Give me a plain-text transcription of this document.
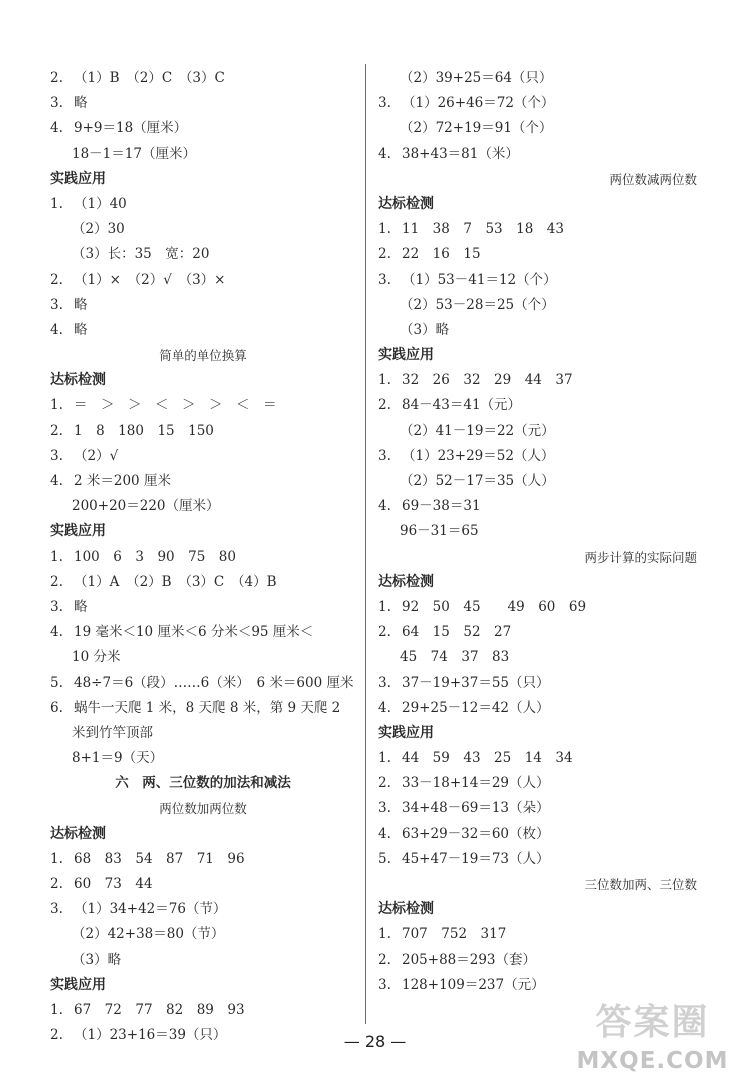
2. （1）B　（2）C　（3）C
3. 略
4. 9+9＝18（厘米）
18－1＝17（厘米）
实践应用
1. （1）40
（2）30
（3）长：35　宽：20
2. （1）×　（2）√　（3）×
3. 略
4. 略
简单的单位换算
达标检测
1. ＝　＞　＞　＜　＞　＞　＜　＝
2. 1　8　180　15　150
3. （2）√
4. 2 米＝200 厘米
200+20＝220（厘米）
实践应用
1. 100　6　3　90　75　80
2. （1）A　（2）B　（3）C　（4）B
3. 略
4. 19 毫米＜10 厘米＜6 分米＜95 厘米＜
10 分米
5. 48÷7＝6（段）……6（米）　6 米＝600 厘米
6. 蜗牛一天爬 1 米，8 天爬 8 米，第 9 天爬 2
米到竹竿顶部
8+1＝9（天）
六　两、三位数的加法和减法
两位数加两位数
达标检测
1. 68　83　54　87　71　96
2. 60　73　44
3. （1）34+42＝76（节）
（2）42+38＝80（节）
（3）略
实践应用
1. 67　72　77　82　89　93
2. （1）23+16＝39（只）
（2）39+25＝64（只）
3. （1）26+46＝72（个）
（2）72+19＝91（个）
4. 38+43＝81（米）
两位数减两位数
达标检测
1. 11　38　7　53　18　43
2. 22　16　15
3. （1）53－41＝12（个）
（2）53－28＝25（个）
（3）略
实践应用
1. 32　26　32　29　44　37
2. 84－43＝41（元）
（2）41－19＝22（元）
3. （1）23+29＝52（人）
（2）52－17＝35（人）
4. 69－38＝31
96－31＝65
两步计算的实际问题
达标检测
1. 92　50　45　　49　60　69
2. 64　15　52　27
45　74　37　83
3. 37－19+37＝55（只）
4. 29+25－12＝42（人）
实践应用
1. 44　59　43　25　14　34
2. 33－18+14＝29（人）
3. 34+48－69＝13（朵）
4. 63+29－32＝60（枚）
5. 45+47－19＝73（人）
三位数加两、三位数
达标检测
1. 707　752　317
2. 205+88＝293（套）
3. 128+109＝237（元）
— 28 —	答案圈
MXQE.COM
